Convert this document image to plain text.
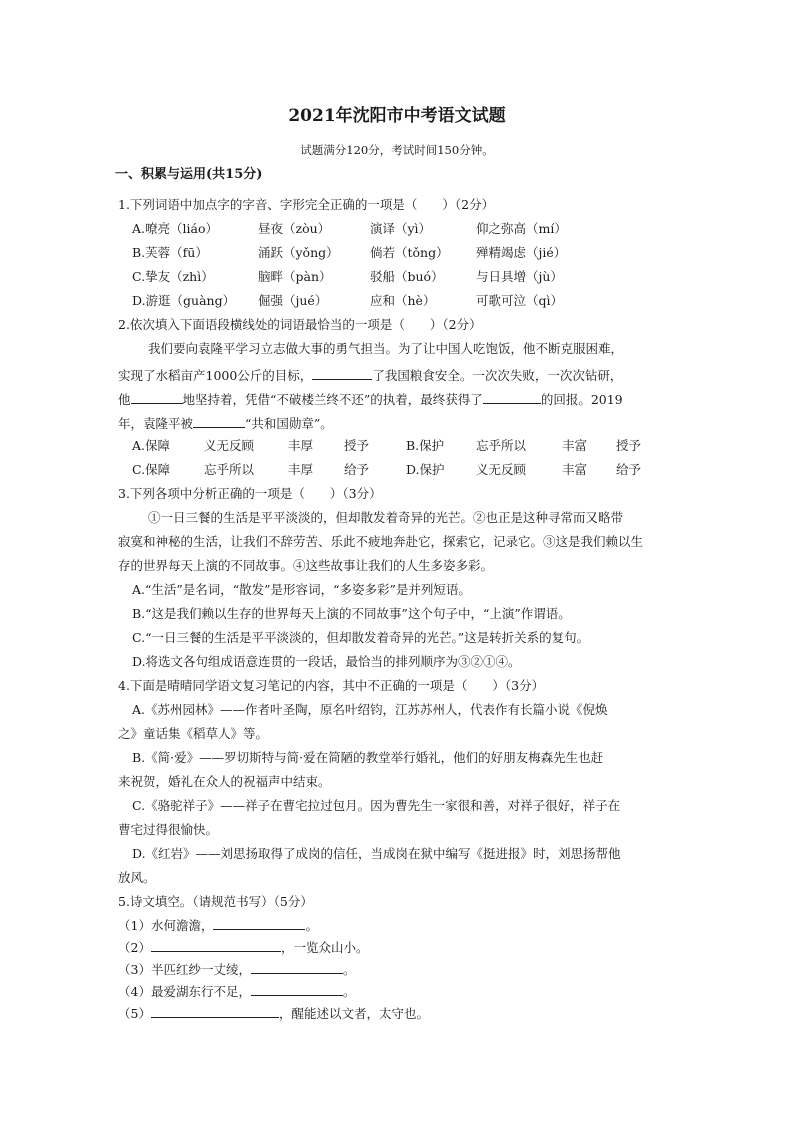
2021年沈阳市中考语文试题
试题满分120分，考试时间150分钟。
一、积累与运用(共15分)
1.下列词语中加点字的字音、字形完全正确的一项是（　　）（2分）
A.嘹亮（liáo）	昼夜（zòu）	演译（yì）	仰之弥高（mí）
B.芙蓉（fū）	涌跃（yǒng）	倘若（tǒng） 殚精竭虑（jié）
C.挚友（zhì）	脑畔（pàn）	驳船（buó）	与日具增（jù）
D.游逛（guàng） 倔强（jué）	应和（hè）	可歌可泣（qì）
2.依次填入下面语段横线处的词语最恰当的一项是（　　）（2分）
我们要向袁隆平学习立志做大事的勇气担当。为了让中国人吃饱饭，他不断克服困难，
实现了水稻亩产1000公斤的目标，	了我国粮食安全。一次次失败，一次次钻研，
他	地坚持着，凭借“不破楼兰终不还”的执着，最终获得了	的回报。2019
年，袁隆平被	“共和国勋章”。
A.保障	义无反顾	丰厚 授予	B.保护	忘乎所以	丰富 授予
C.保障	忘乎所以	丰厚 给予	D.保护	义无反顾	丰富 给予
3.下列各项中分析正确的一项是（　　）（3分）
①一日三餐的生活是平平淡淡的，但却散发着奇异的光芒。②也正是这种寻常而又略带
寂寞和神秘的生活，让我们不辞劳苦、乐此不疲地奔赴它，探索它，记录它。③这是我们赖以生
存的世界每天上演的不同故事。④这些故事让我们的人生多姿多彩。
A.“生活”是名词，“散发”是形容词，“多姿多彩”是并列短语。
B.“这是我们赖以生存的世界每天上演的不同故事”这个句子中，“上演”作谓语。
C.“一日三餐的生活是平平淡淡的，但却散发着奇异的光芒。”这是转折关系的复句。
D.将选文各句组成语意连贯的一段话，最恰当的排列顺序为③②①④。
4.下面是晴晴同学语文复习笔记的内容，其中不正确的一项是（　　）（3分）
A.《苏州园林》——作者叶圣陶，原名叶绍钧，江苏苏州人，代表作有长篇小说《倪焕
之》童话集《稻草人》等。
B.《简·爱》——罗切斯特与简·爱在简陋的教堂举行婚礼，他们的好朋友梅森先生也赶
来祝贺，婚礼在众人的祝福声中结束。
C.《骆驼祥子》——祥子在曹宅拉过包月。因为曹先生一家很和善，对祥子很好，祥子在
曹宅过得很愉快。
D.《红岩》——刘思扬取得了成岗的信任，当成岗在狱中编写《挺进报》时，刘思扬帮他
放风。
5.诗文填空。（请规范书写）（5分）
（1）水何澹澹，	。
（2）	，一览众山小。
（3）半匹红纱一丈绫，	。
（4）最爱湖东行不足，	。
（5）	，醒能述以文者，太守也。
